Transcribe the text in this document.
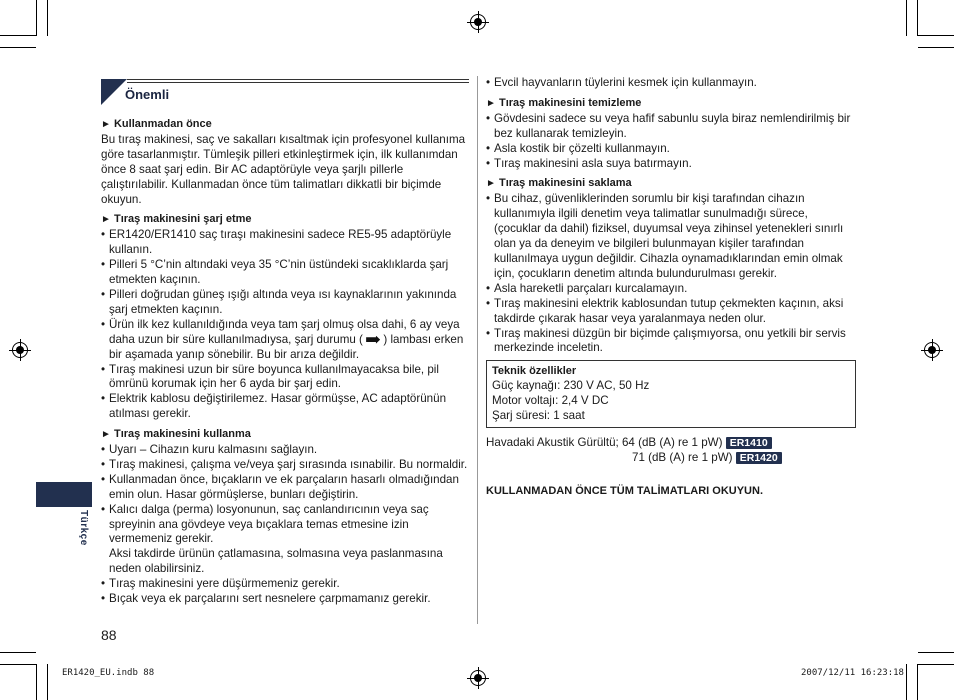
Önemli
► Kullanmadan önce

Bu tıraş makinesi, saç ve sakalları kısaltmak için profesyonel kullanıma göre tasarlanmıştır. Tümleşik pilleri etkinleştirmek için, ilk kullanımdan önce 8 saat şarj edin. Bir AC adaptörüyle veya şarjlı pillerle çalıştırılabilir. Kullanmadan önce tüm talimatları dikkatli bir biçimde okuyun.

► Tıraş makinesini şarj etme
• ER1420/ER1410 saç tıraşı makinesini sadece RE5-95 adaptörüyle kullanın.
• Pilleri 5 °C’nin altındaki veya 35 °C’nin üstündeki sıcaklıklarda şarj etmekten kaçının.
• Pilleri doğrudan güneş ışığı altında veya ısı kaynaklarının yakınında şarj etmekten kaçının.
• Ürün ilk kez kullanıldığında veya tam şarj olmuş olsa dahi, 6 ay veya daha uzun bir süre kullanılmadıysa, şarj durumu ( ) lambası erken bir aşamada yanıp sönebilir. Bu bir arıza değildir.
• Tıraş makinesi uzun bir süre boyunca kullanılmayacaksa bile, pil ömrünü korumak için her 6 ayda bir şarj edin.
• Elektrik kablosu değiştirilemez. Hasar görmüşse, AC adaptörünün atılması gerekir.
► Tıraş makinesini kullanma
• Uyarı – Cihazın kuru kalmasını sağlayın.
• Tıraş makinesi, çalışma ve/veya şarj sırasında ısınabilir. Bu normaldir.
• Kullanmadan önce, bıçakların ve ek parçaların hasarlı olmadığından emin olun. Hasar görmüşlerse, bunları değiştirin.
• Kalıcı dalga (perma) losyonunun, saç canlandırıcının veya saç spreyinin ana gövdeye veya bıçaklara temas etmesine izin vermemeniz gerekir.
Aksi takdirde ürünün çatlamasına, solmasına veya paslanmasına neden olabilirsiniz.
• Tıraş makinesini yere düşürmemeniz gerekir.
• Bıçak veya ek parçalarını sert nesnelere çarpmamanız gerekir.
• Evcil hayvanların tüylerini kesmek için kullanmayın.
► Tıraş makinesini temizleme
• Gövdesini sadece su veya hafif sabunlu suyla biraz nemlendirilmiş bir bez kullanarak temizleyin.
• Asla kostik bir çözelti kullanmayın.
• Tıraş makinesini asla suya batırmayın.
► Tıraş makinesini saklama
• Bu cihaz, güvenliklerinden sorumlu bir kişi tarafından cihazın kullanımıyla ilgili denetim veya talimatlar sunulmadığı sürece, (çocuklar da dahil) fiziksel, duyumsal veya zihinsel yetenekleri sınırlı olan ya da deneyim ve bilgileri bulunmayan kişiler tarafından kullanılmaya uygun değildir. Cihazla oynamadıklarından emin olmak için, çocukların denetim altında bulundurulması gerekir.
• Asla hareketli parçaları kurcalamayın.
• Tıraş makinesini elektrik kablosundan tutup çekmekten kaçının, aksi takdirde çıkarak hasar veya yaralanmaya neden olur.
• Tıraş makinesi düzgün bir biçimde çalışmıyorsa, onu yetkili bir servis merkezinde inceletin.
Teknik özellikler
Güç kaynağı: 230 V AC, 50 Hz
Motor voltajı: 2,4 V DC
Şarj süresi: 1 saat
Havadaki Akustik Gürültü; 64 (dB (A) re 1 pW) ER1410
71 (dB (A) re 1 pW) ER1420
KULLANMADAN ÖNCE TÜM TALİMATLARI OKUYUN.
Türkçe
88
ER1420_EU.indb 88	2007/12/11 16:23:18
